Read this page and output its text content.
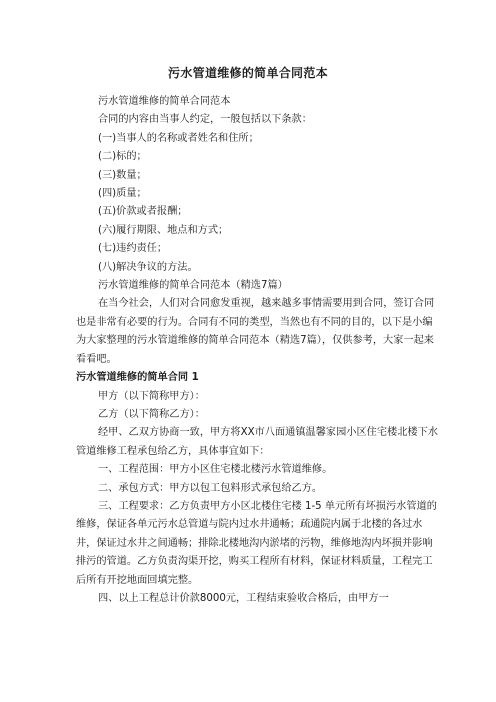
污水管道维修的简单合同范本

污水管道维修的简单合同范本

合同的内容由当事人约定，一般包括以下条款：

(一)当事人的名称或者姓名和住所；

(二)标的；

(三)数量；

(四)质量；

(五)价款或者报酬；

(六)履行期限、地点和方式；

(七)违约责任；

(八)解决争议的方法。

污水管道维修的简单合同范本（精选7篇）

在当今社会，人们对合同愈发重视，越来越多事情需要用到合同，签订合同也是非常有必要的行为。合同有不同的类型，当然也有不同的目的，以下是小编为大家整理的污水管道维修的简单合同范本（精选7篇），仅供参考，大家一起来看看吧。

污水管道维修的简单合同 1

甲方（以下简称甲方）：

乙方（以下简称乙方）：

经甲、乙双方协商一致，甲方将XX市八面通镇温馨家园小区住宅楼北楼下水管道维修工程承包给乙方，具体事宜如下：

一、工程范围：甲方小区住宅楼北楼污水管道维修。

二、承包方式：甲方以包工包料形式承包给乙方。

三、工程要求：乙方负责甲方小区北楼住宅楼 1-5 单元所有坏损污水管道的维修，保证各单元污水总管道与院内过水井通畅；疏通院内属于北楼的各过水井，保证过水井之间通畅；排除北楼地沟内淤堵的污物，维修地沟内坏损并影响排污的管道。乙方负责沟渠开挖，购买工程所有材料，保证材料质量，工程完工后所有开挖地面回填完整。

四、以上工程总计价款8000元，工程结束验收合格后，由甲方一
